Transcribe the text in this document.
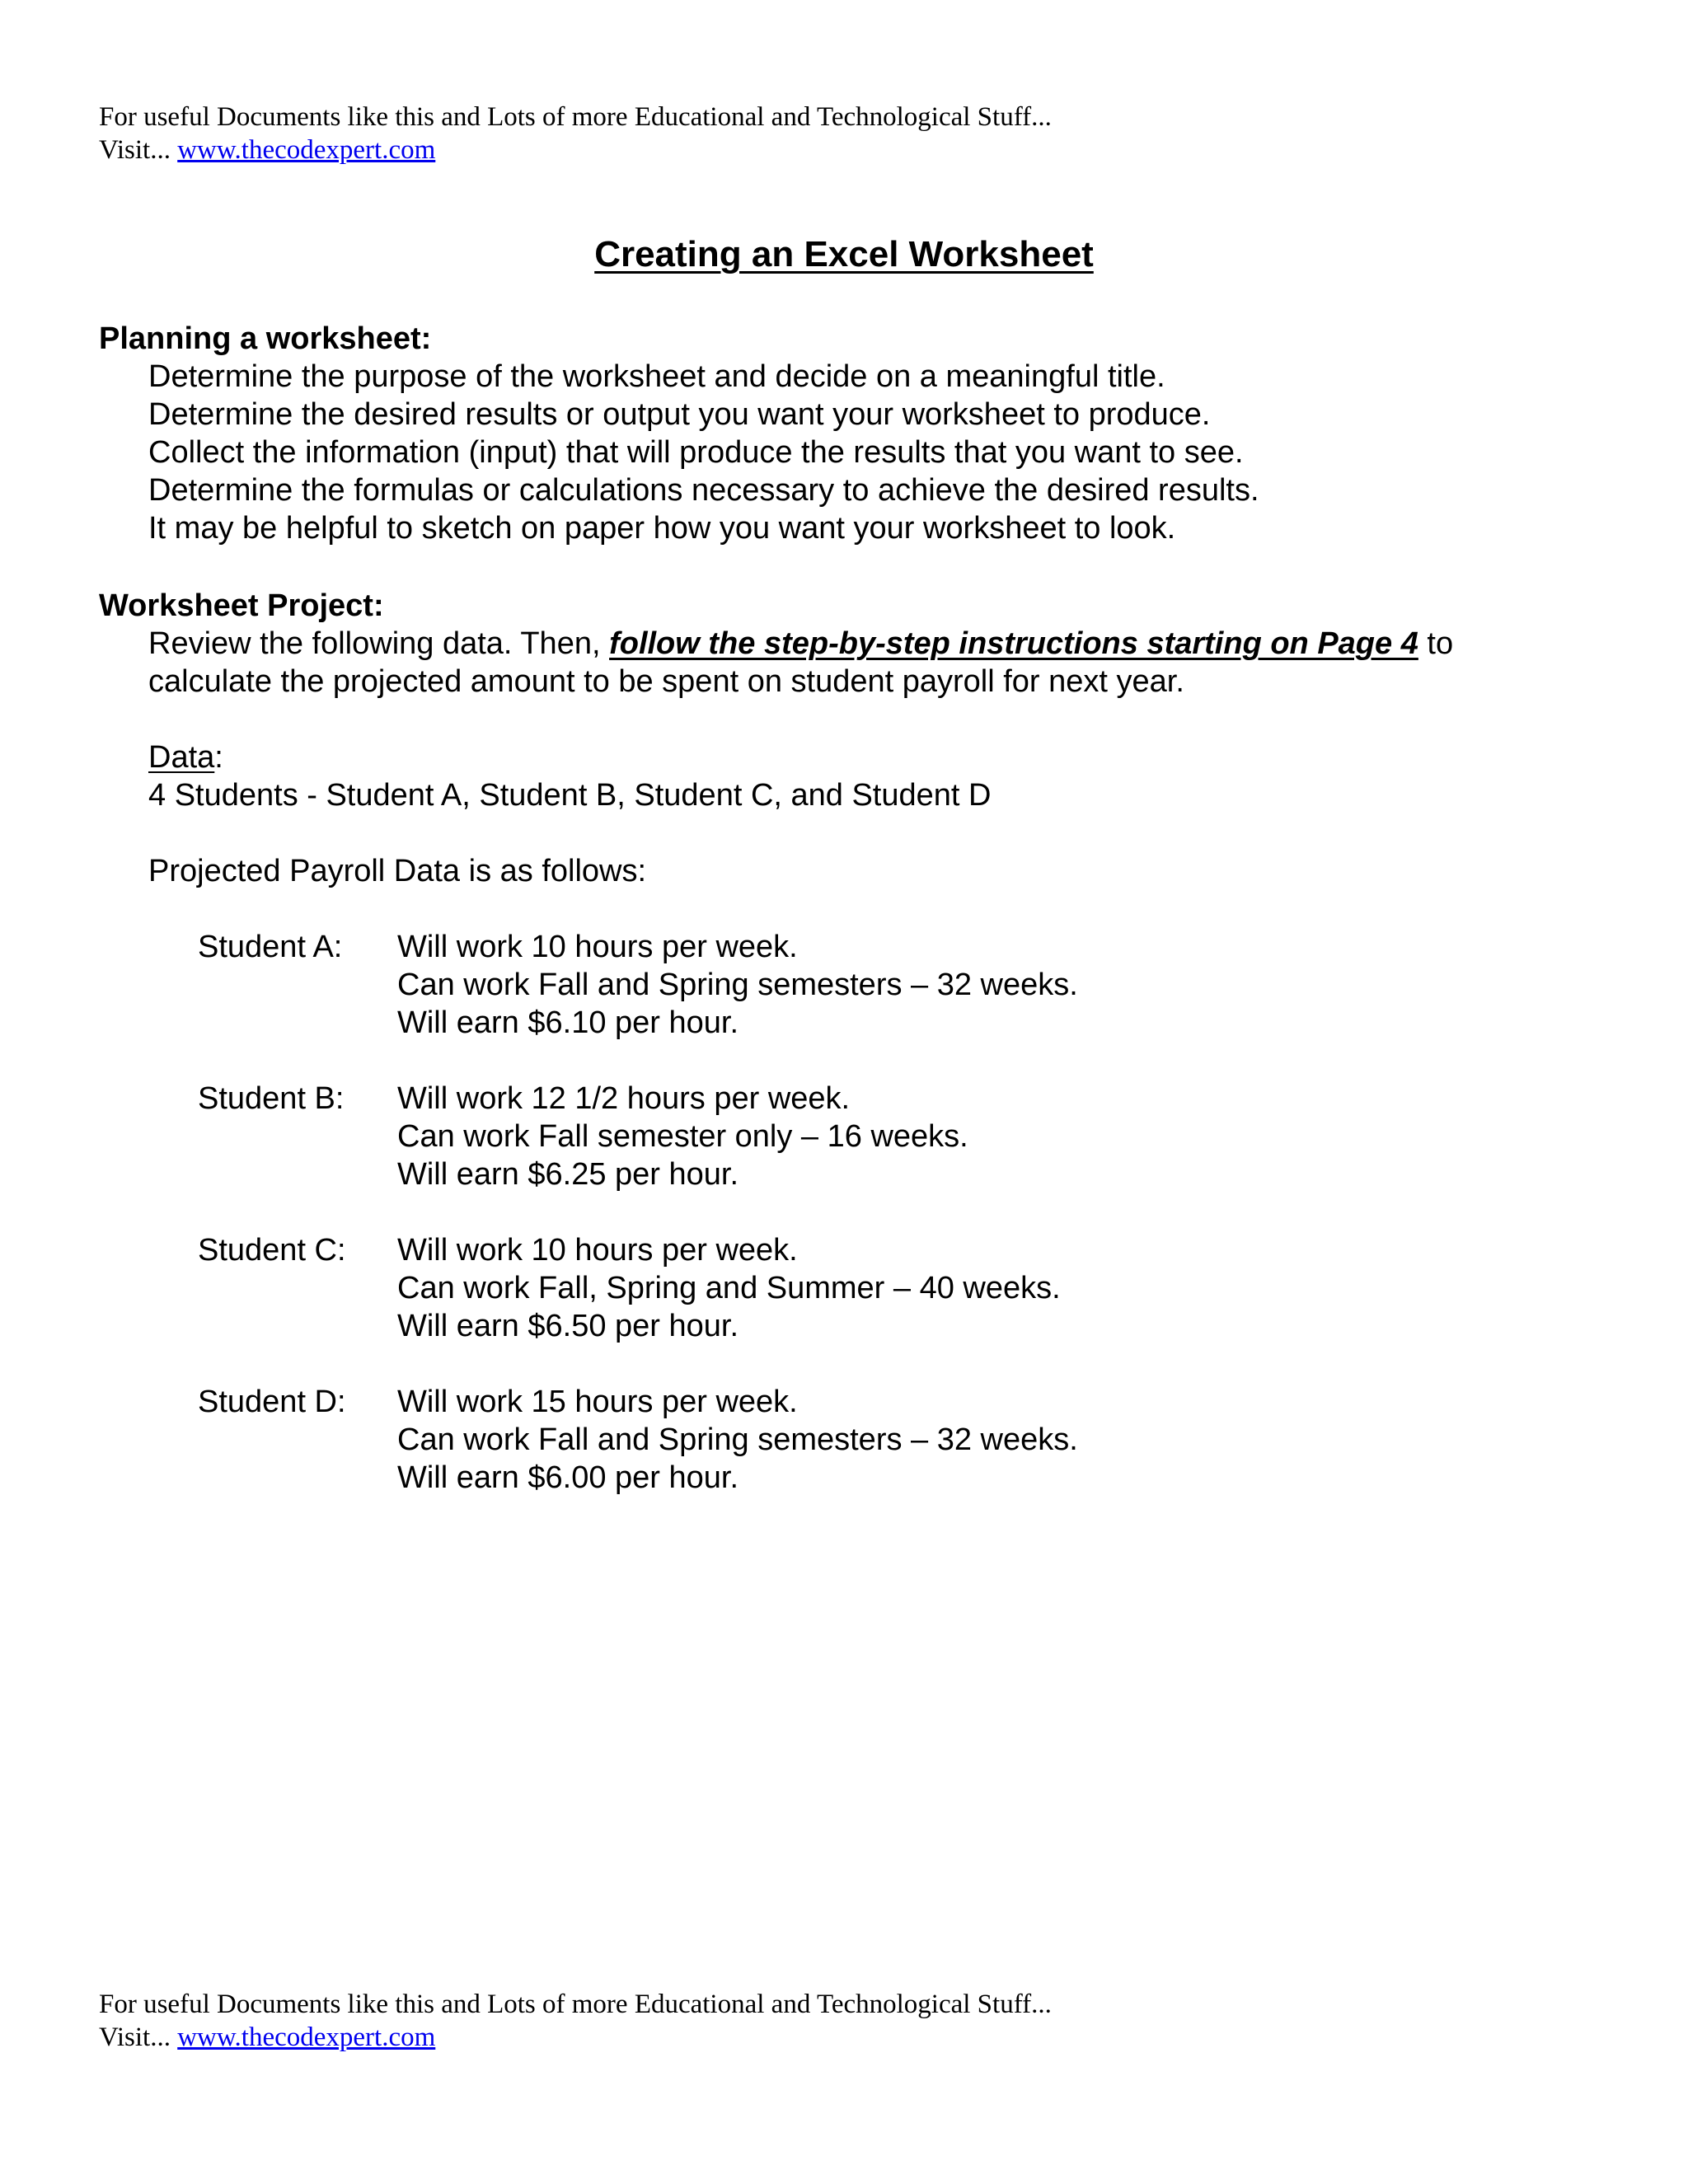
For useful Documents like this and Lots of more Educational and Technological Stuff...
Visit... www.thecodexpert.com
Creating an Excel Worksheet
Planning a worksheet:
Determine the purpose of the worksheet and decide on a meaningful title.
Determine the desired results or output you want your worksheet to produce.
Collect the information (input) that will produce the results that you want to see.
Determine the formulas or calculations necessary to achieve the desired results.
It may be helpful to sketch on paper how you want your worksheet to look.
Worksheet Project:
Review the following data. Then, follow the step-by-step instructions starting on Page 4 to
calculate the projected amount to be spent on student payroll for next year.
Data:
4 Students - Student A, Student B, Student C, and Student D
Projected Payroll Data is as follows:
Student A: Will work 10 hours per week.
Can work Fall and Spring semesters – 32 weeks.
Will earn $6.10 per hour.
Student B: Will work 12 1/2 hours per week.
Can work Fall semester only – 16 weeks.
Will earn $6.25 per hour.
Student C: Will work 10 hours per week.
Can work Fall, Spring and Summer – 40 weeks.
Will earn $6.50 per hour.
Student D: Will work 15 hours per week.
Can work Fall and Spring semesters – 32 weeks.
Will earn $6.00 per hour.
For useful Documents like this and Lots of more Educational and Technological Stuff...
Visit... www.thecodexpert.com
